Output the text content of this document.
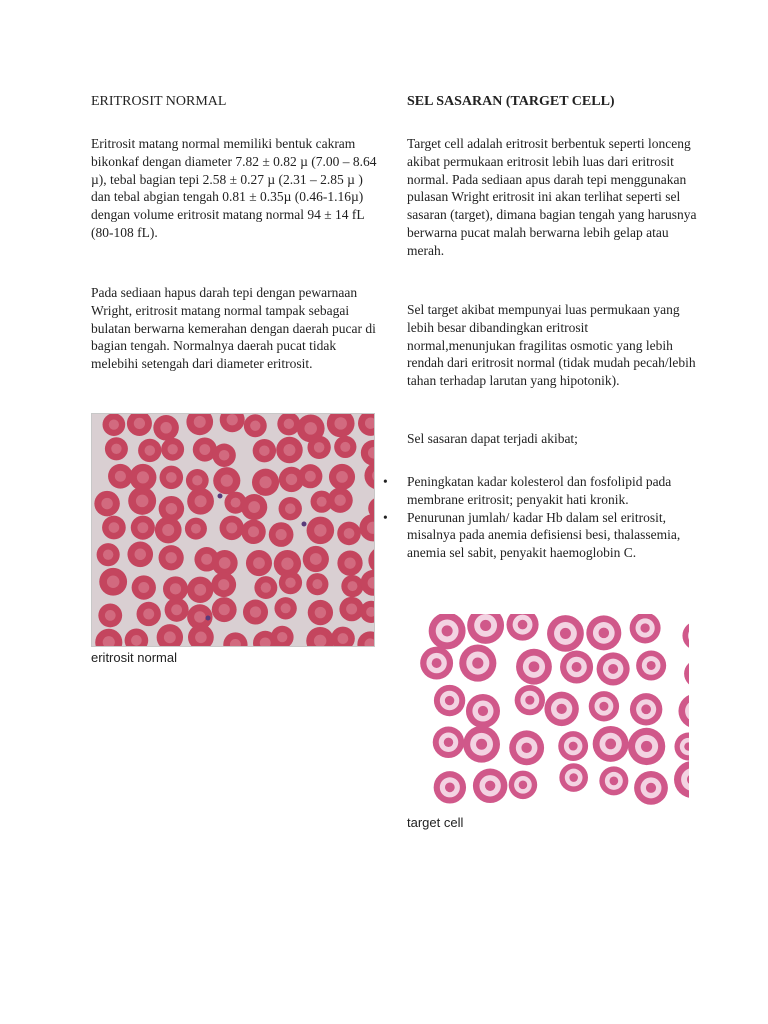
ERITROSIT NORMAL

Eritrosit matang normal memiliki bentuk cakram bikonkaf dengan diameter 7.82 ± 0.82 µ (7.00 – 8.64 µ), tebal bagian tepi 2.58 ± 0.27 µ (2.31 – 2.85 µ ) dan tebal abgian tengah 0.81 ± 0.35µ (0.46-1.16µ) dengan volume eritrosit matang normal 94 ± 14 fL (80-108 fL).

Pada sediaan hapus darah tepi dengan pewarnaan Wright, eritrosit matang normal tampak sebagai bulatan berwarna kemerahan dengan daerah pucar di bagian tengah. Normalnya daerah pucat tidak melebihi setengah dari diameter eritrosit.

eritrosit normal
SEL SASARAN (TARGET CELL)

Target cell adalah eritrosit berbentuk seperti lonceng akibat permukaan eritrosit lebih luas dari eritrosit normal. Pada sediaan apus darah tepi menggunakan pulasan Wright eritrosit ini akan terlihat seperti sel sasaran (target), dimana bagian tengah yang harusnya berwarna pucat malah berwarna lebih gelap atau merah.

Sel target akibat mempunyai luas permukaan yang lebih besar dibandingkan eritrosit normal,menunjukan fragilitas osmotic yang lebih rendah dari eritrosit normal (tidak mudah pecah/lebih tahan terhadap larutan yang hipotonik).

Sel sasaran dapat terjadi akibat;

• Peningkatan kadar kolesterol dan fosfolipid pada membrane eritrosit; penyakit hati kronik.
• Penurunan jumlah/ kadar Hb dalam sel eritrosit, misalnya pada anemia defisiensi besi, thalassemia, anemia sel sabit, penyakit haemoglobin C.
target cell
